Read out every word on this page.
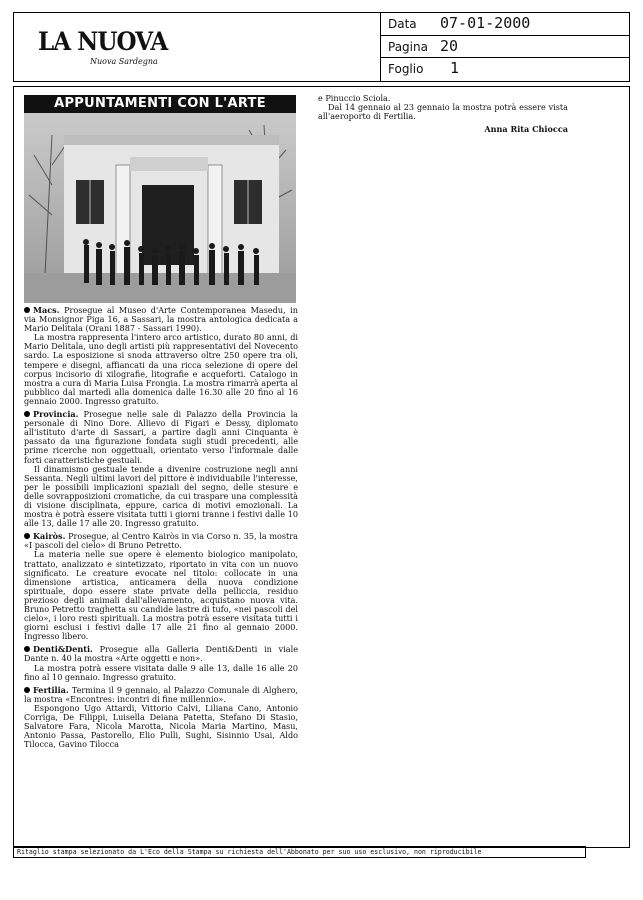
LA NUOVA
Nuova Sardegna
Data 07-01-2000
Pagina 20
Foglio 1
APPUNTAMENTI CON L'ARTE

Macs. Prosegue al Museo d'Arte Contemporanea Masedu, in via Monsignor Piga 16, a Sassari, la mostra antologica dedicata a Mario Delitala (Orani 1887 - Sassari 1990).

La mostra rappresenta l'intero arco artistico, durato 80 anni, di Mario Delitala, uno degli artisti più rappresentativi del Novecento sardo. La esposizione si snoda attraverso oltre 250 opere tra oli, tempere e disegni, affiancati da una ricca selezione di opere del corpus incisorio di xilografie, litografie e acqueforti. Catalogo in mostra a cura di Maria Luisa Frongia. La mostra rimarrà aperta al pubblico dal martedì alla domenica dalle 16.30 alle 20 fino al 16 gennaio 2000. Ingresso gratuito.

Provincia. Prosegue nelle sale di Palazzo della Provincia la personale di Nino Dore. Allievo di Figari e Dessy, diplomato all'istituto d'arte di Sassari, a partire dagli anni Cinquanta è passato da una figurazione fondata sugli studi precedenti, alle prime ricerche non oggettuali, orientato verso l'informale dalle forti caratteristiche gestuali.

Il dinamismo gestuale tende a divenire costruzione negli anni Sessanta. Negli ultimi lavori del pittore è individuabile l'interesse, per le possibili implicazioni spaziali del segno, delle stesure e delle sovrapposizioni cromatiche, da cui traspare una complessità di visione disciplinata, eppure, carica di motivi emozionali. La mostra è potrà essere visitata tutti i giorni tranne i festivi dalle 10 alle 13, dalle 17 alle 20. Ingresso gratuito.

Kairòs. Prosegue, al Centro Kairòs in via Corso n. 35, la mostra «I pascoli del cielo» di Bruno Petretto.

La materia nelle sue opere è elemento biologico manipolato, trattato, analizzato e sintetizzato, riportato in vita con un nuovo significato. Le creature evocate nel titolo: collocate in una dimensione artistica, anticamera della nuova condizione spirituale, dopo essere state private della pelliccia, residuo prezioso degli animali dall'allevamento, acquistano nuova vita. Bruno Petretto traghetta su candide lastre di tufo, «nei pascoli del cielo», i loro resti spirituali. La mostra potrà essere visitata tutti i giorni esclusi i festivi dalle 17 alle 21 fino al gennaio 2000. Ingresso libero.

Denti&Denti. Prosegue alla Galleria Denti&Denti in viale Dante n. 40 la mostra «Arte oggetti e non».

La mostra potrà essere visitata dalle 9 alle 13, dalle 16 alle 20 fino al 10 gennaio. Ingresso gratuito.

Fertilia. Termina il 9 gennaio, al Palazzo Comunale di Alghero, la mostra «Encontres: incontri di fine millennio».

Espongono Ugo Attardi, Vittorio Calvi, Liliana Cano, Antonio Corriga, De Filippi, Luisella Deiana Patetta, Stefano Di Stasio, Salvatore Fara, Nicola Marotta, Nicola Maria Martino, Masu, Antonio Passa, Pastorello, Elio Pulli, Sughi, Sisinnio Usai, Aldo Tilocca, Gavino Tilocca

e Pinuccio Sciola.

Dal 14 gennaio al 23 gennaio la mostra potrà essere vista all'aeroporto di Fertilia.

Anna Rita Chiocca
Ritaglio stampa selezionato da L'Eco della Stampa su richiesta dell'Abbonato per suo uso esclusivo, non riproducibile
